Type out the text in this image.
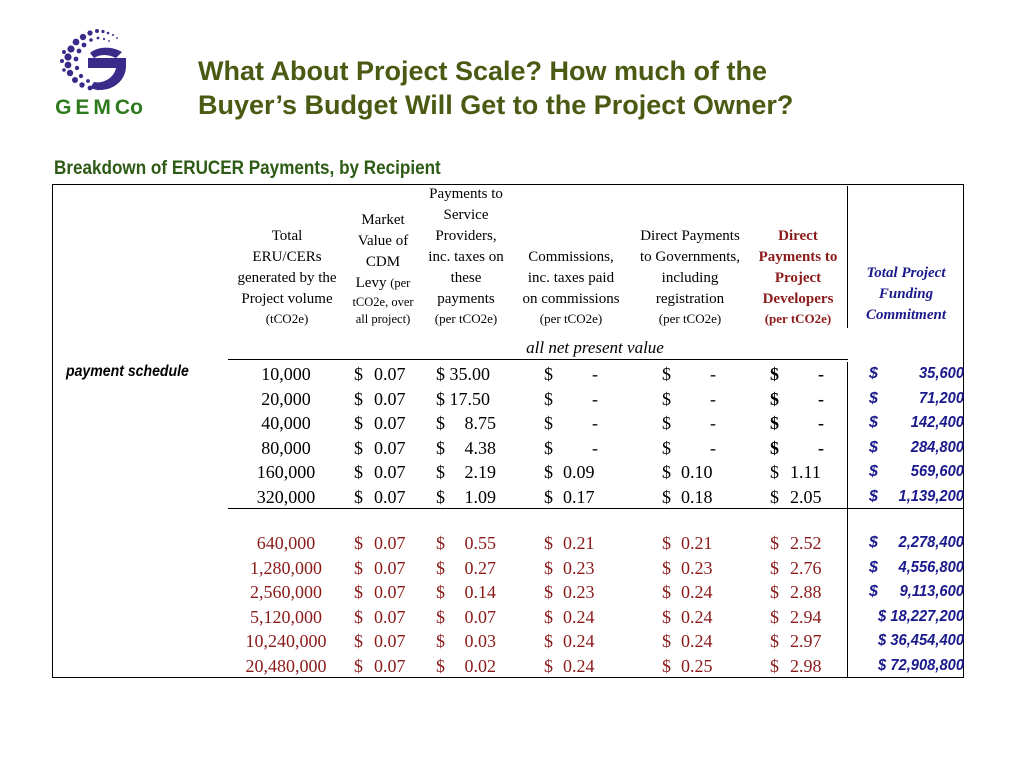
GEMCo
What About Project Scale? How much of the
Buyer’s Budget Will Get to the Project Owner?
Breakdown of ERUCER Payments, by Recipient
Total
ERU/CERs
generated by the
Project volume
(tCO2e)
Market
Value of
CDM
Levy (per
tCO2e, over
all project)
Payments to
Service
Providers,
inc. taxes on
these
payments
(per tCO2e)
Commissions,
inc. taxes paid
on commissions
(per tCO2e)
Direct Payments
to Governments,
including
registration
(per tCO2e)
Direct
Payments to
Project
Developers
(per tCO2e)
Total Project
Funding
Commitment
all net present value
payment schedule	10,000	$ 0.07 $ 35.00	$ -	$ -	$ -	$	35,600
20,000	$ 0.07 $ 17.50	$ -	$ -	$ -	$	71,200
40,000	$ 0.07 $	8.75	$ -	$ -	$ -	$	142,400
80,000	$ 0.07 $	4.38	$ -	$ -	$ -	$	284,800
160,000	$ 0.07 $	2.19	$ 0.09	$ 0.10	$ 1.11	$	569,600
320,000	$ 0.07 $	1.09	$ 0.17	$ 0.18	$ 2.05	$	1,139,200
640,000	$ 0.07 $	0.55	$ 0.21	$ 0.21	$ 2.52	$	2,278,400
1,280,000	$ 0.07 $	0.27	$ 0.23	$ 0.23	$ 2.76	$	4,556,800
2,560,000	$ 0.07 $	0.14	$ 0.23	$ 0.24	$ 2.88	$	9,113,600
5,120,000	$ 0.07 $	0.07	$ 0.24	$ 0.24	$ 2.94	$ 18,227,200
10,240,000	$ 0.07 $	0.03	$ 0.24	$ 0.24	$ 2.97	$ 36,454,400
20,480,000	$ 0.07 $	0.02	$ 0.24	$ 0.25	$ 2.98	$ 72,908,800
